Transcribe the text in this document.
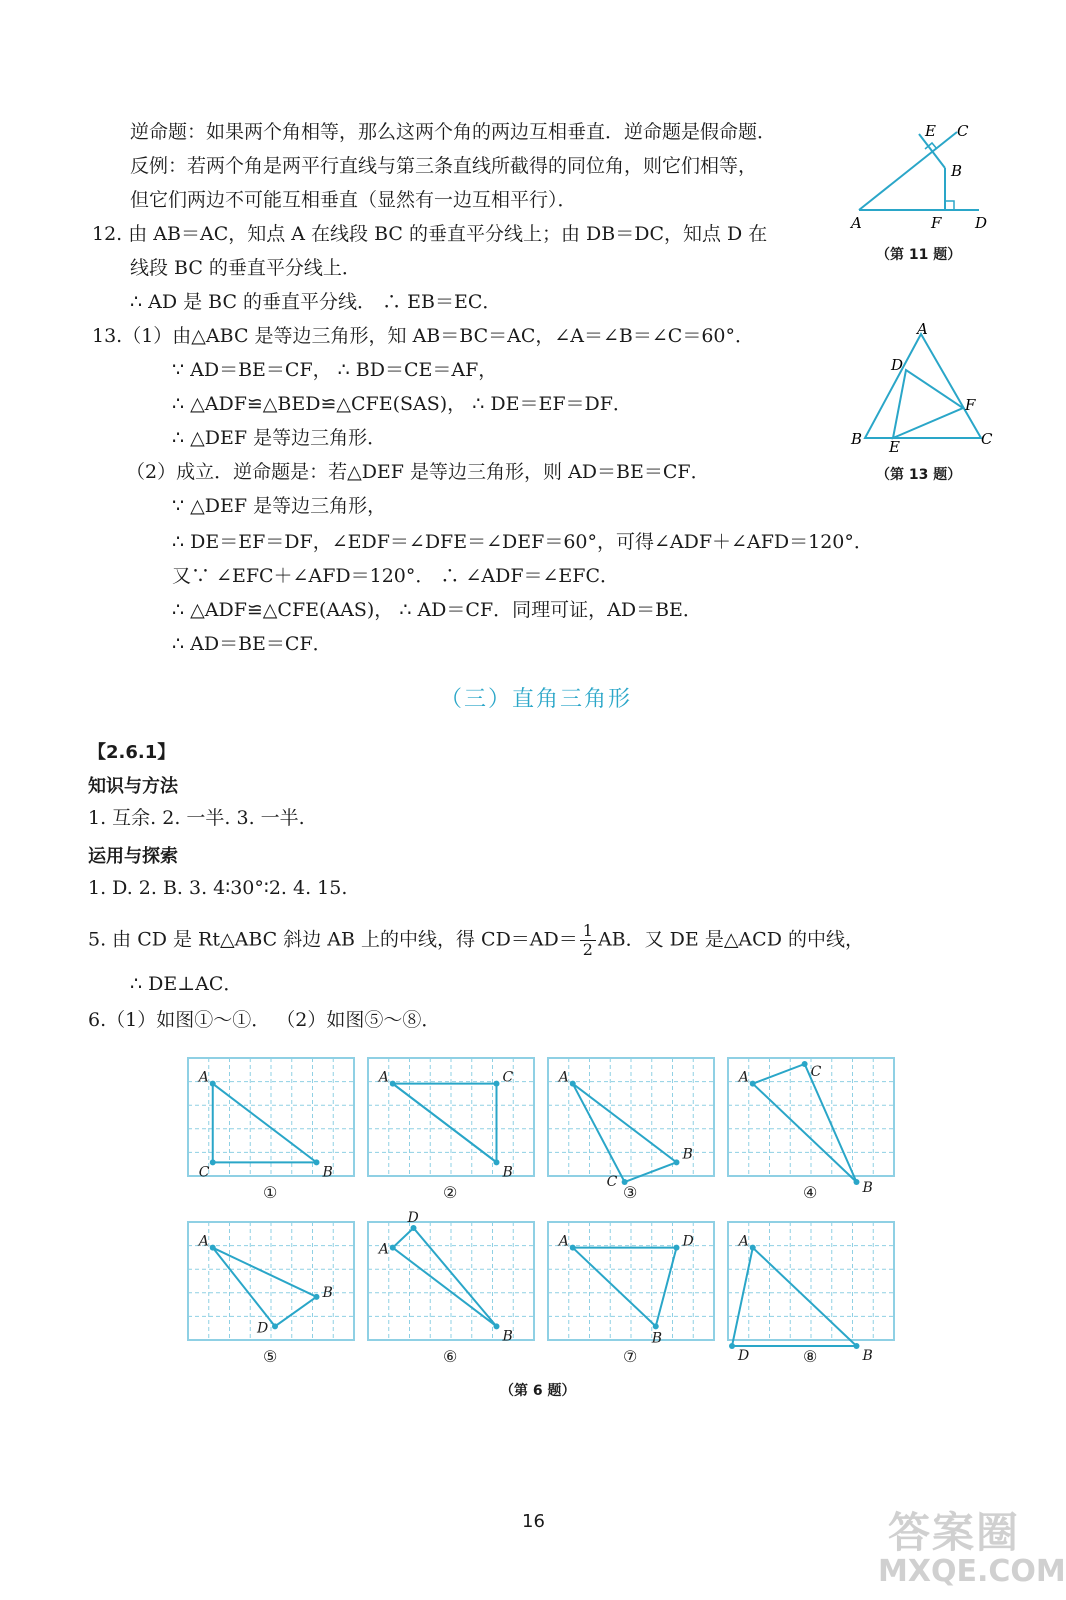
逆命题：如果两个角相等，那么这两个角的两边互相垂直．逆命题是假命题．
反例：若两个角是两平行直线与第三条直线所截得的同位角，则它们相等，
但它们两边不可能互相垂直（显然有一边互相平行）．
E C
B
A	F D
（第 11 题）
12. 由 AB＝AC，知点 A 在线段 BC 的垂直平分线上；由 DB＝DC，知点 D 在
线段 BC 的垂直平分线上．
∴ AD 是 BC 的垂直平分线． ∴ EB＝EC．
13.（1）由△ABC 是等边三角形，知 AB＝BC＝AC，∠A＝∠B＝∠C＝60°．
∵ AD＝BE＝CF， ∴ BD＝CE＝AF，
∴ △ADF≌△BED≌△CFE(SAS)， ∴ DE＝EF＝DF．
∴ △DEF 是等边三角形．
（2）成立．逆命题是：若△DEF 是等边三角形，则 AD＝BE＝CF．
∵ △DEF 是等边三角形，
∴ DE＝EF＝DF，∠EDF＝∠DFE＝∠DEF＝60°，可得∠ADF＋∠AFD＝120°．
又∵ ∠EFC＋∠AFD＝120°． ∴ ∠ADF＝∠EFC．
∴ △ADF≌△CFE(AAS)， ∴ AD＝CF．同理可证，AD＝BE．
∴ AD＝BE＝CF．
A
D
F
B E	C
（第 13 题）
（三）直角三角形
【2.6.1】
知识与方法
1. 互余. 2. 一半. 3. 一半.
运用与探索
1. D. 2. B. 3. 4∶30°∶2. 4. 15.
5. 由 CD 是 Rt△ABC 斜边 AB 上的中线，得 $CD=AD= \frac{1}{2}$ AB．又 DE 是△ACD 的中线，
∴ DE⊥AC．
6.（1）如图①～①． （2）如图⑤～⑧．
A
C	B
①
A	C
B
②
A
B
C
③
A	C
B
④
A
B
D
⑤
D
A
B
⑥
A	D
B
⑦
A
D	B
⑧
（第 6 题）
16	答案圈
MXQE.COM
